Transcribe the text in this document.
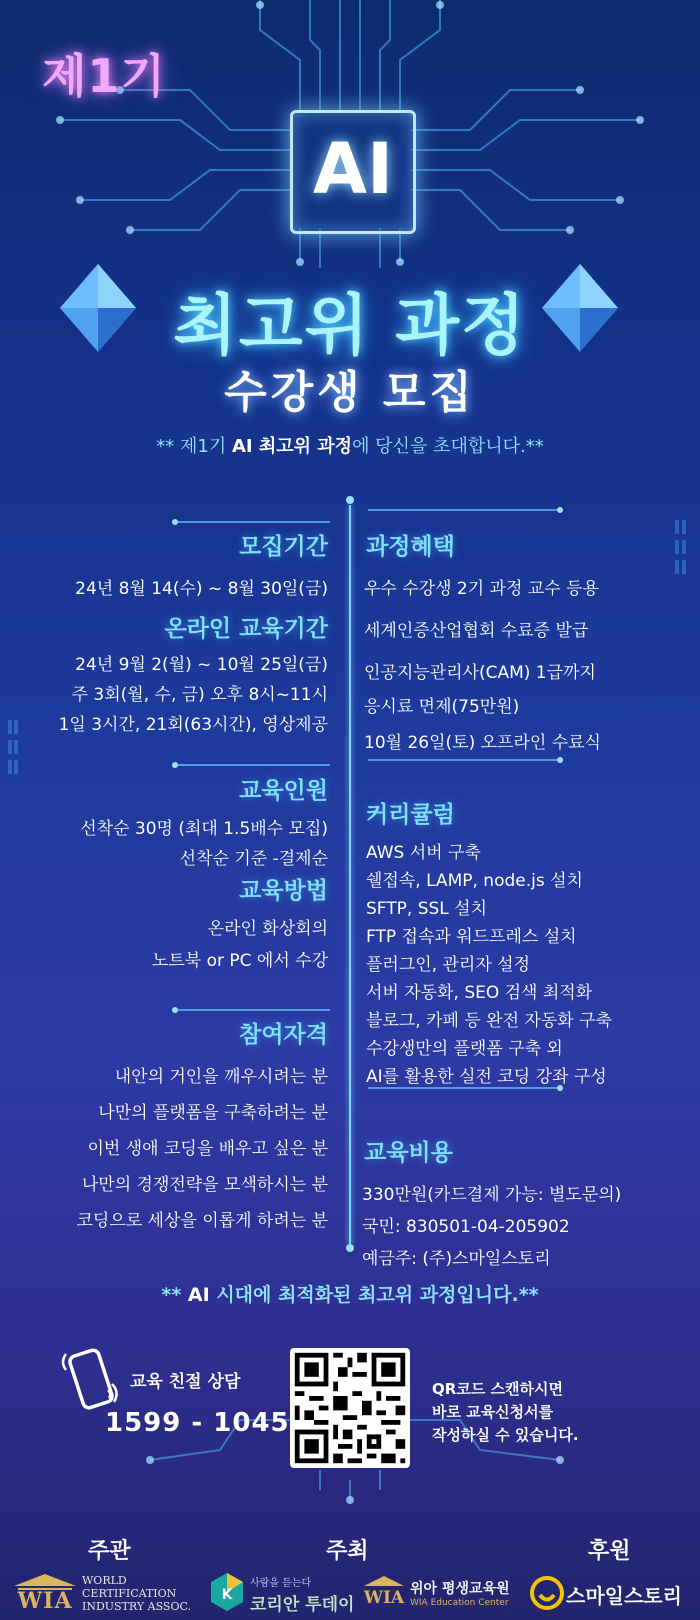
제1기
AI
최고위 과정
수강생 모집
** 제1기 AI 최고위 과정에 당신을 초대합니다.**
모집기간
24년 8월 14(수) ~ 8월 30일(금)
온라인 교육기간
24년 9월 2(월) ~ 10월 25일(금)
주 3회(월, 수, 금) 오후 8시~11시
1일 3시간, 21회(63시간), 영상제공
교육인원
선착순 30명 (최대 1.5배수 모집)
선착순 기준 -결제순
교육방법
온라인 화상회의
노트북 or PC 에서 수강
참여자격
내안의 거인을 깨우시려는 분
나만의 플랫폼을 구축하려는 분
이번 생애 코딩을 배우고 싶은 분
나만의 경쟁전략을 모색하시는 분
코딩으로 세상을 이롭게 하려는 분
과정혜택
우수 수강생 2기 과정 교수 등용
세계인증산업협회 수료증 발급
인공지능관리사(CAM) 1급까지
응시료 면제(75만원)
10월 26일(토) 오프라인 수료식
커리큘럼
AWS 서버 구축
쉘접속, LAMP, node.js 설치
SFTP, SSL 설치
FTP 접속과 워드프레스 설치
플러그인, 관리자 설정
서버 자동화, SEO 검색 최적화
블로그, 카페 등 완전 자동화 구축
수강생만의 플랫폼 구축 외
AI를 활용한 실전 코딩 강좌 구성
교육비용
330만원(카드결제 가능: 별도문의)
국민: 830501-04-205902
예금주: (주)스마일스토리
** AI 시대에 최적화된 최고위 과정입니다.**
교육 친절 상담
1599 - 1045
QR코드 스캔하시면
바로 교육신청서를
작성하실 수 있습니다.
주관	주최	후원
WIA
WORLD
CERTIFICATION
INDUSTRY ASSOC.
K
사람을 듣는다
코리안 투데이 WIA 위아 평생교육원
WIA Education Center	스마일스토리
